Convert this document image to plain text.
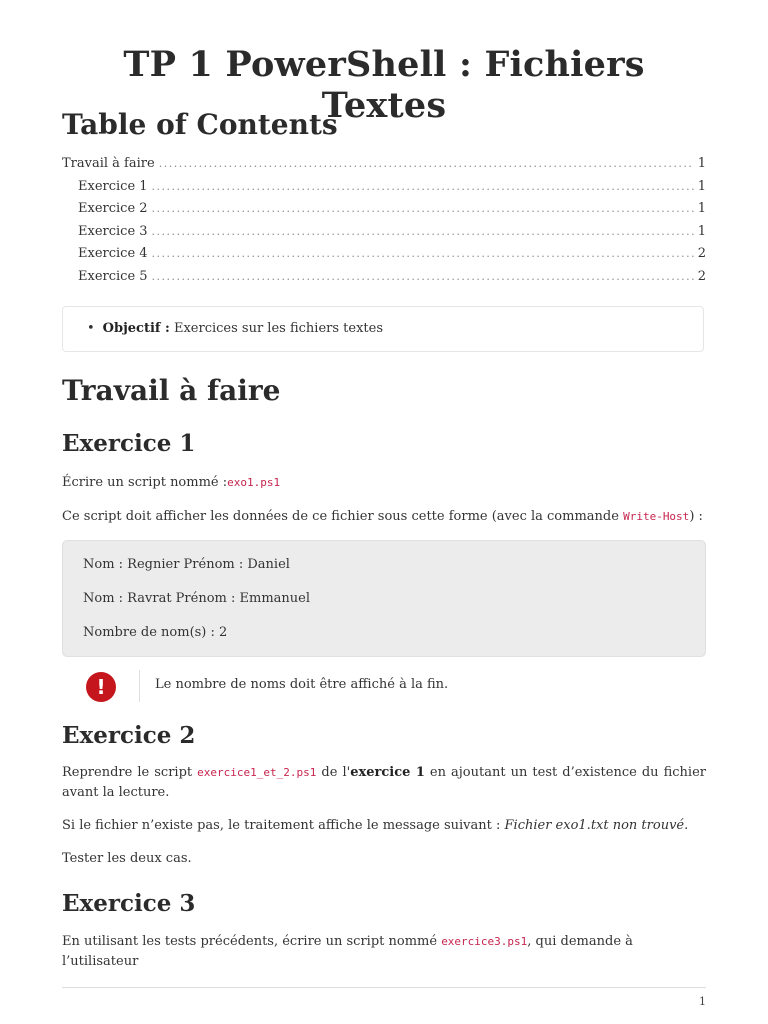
TP 1 PowerShell : Fichiers Textes
Table of Contents
Travail à faire .....	1
Exercice 1 .....	1
Exercice 2 .....	1
Exercice 3 .....	1
Exercice 4 .....	2
Exercice 5 .....	2
• Objectif : Exercices sur les fichiers textes
Travail à faire
Exercice 1

Écrire un script nommé :exo1.ps1

Ce script doit afficher les données de ce fichier sous cette forme (avec la commande Write-Host) :

Nom : Regnier Prénom : Daniel
Nom : Ravrat Prénom : Emmanuel
Nombre de nom(s) : 2
!	Le nombre de noms doit être affiché à la fin.
Exercice 2

Reprendre le script exercice1_et_2.ps1 de l'exercice 1 en ajoutant un test d’existence du fichier avant la lecture.

Si le fichier n’existe pas, le traitement affiche le message suivant : Fichier exo1.txt non trouvé.

Tester les deux cas.

Exercice 3

En utilisant les tests précédents, écrire un script nommé exercice3.ps1, qui demande à l’utilisateur

1
